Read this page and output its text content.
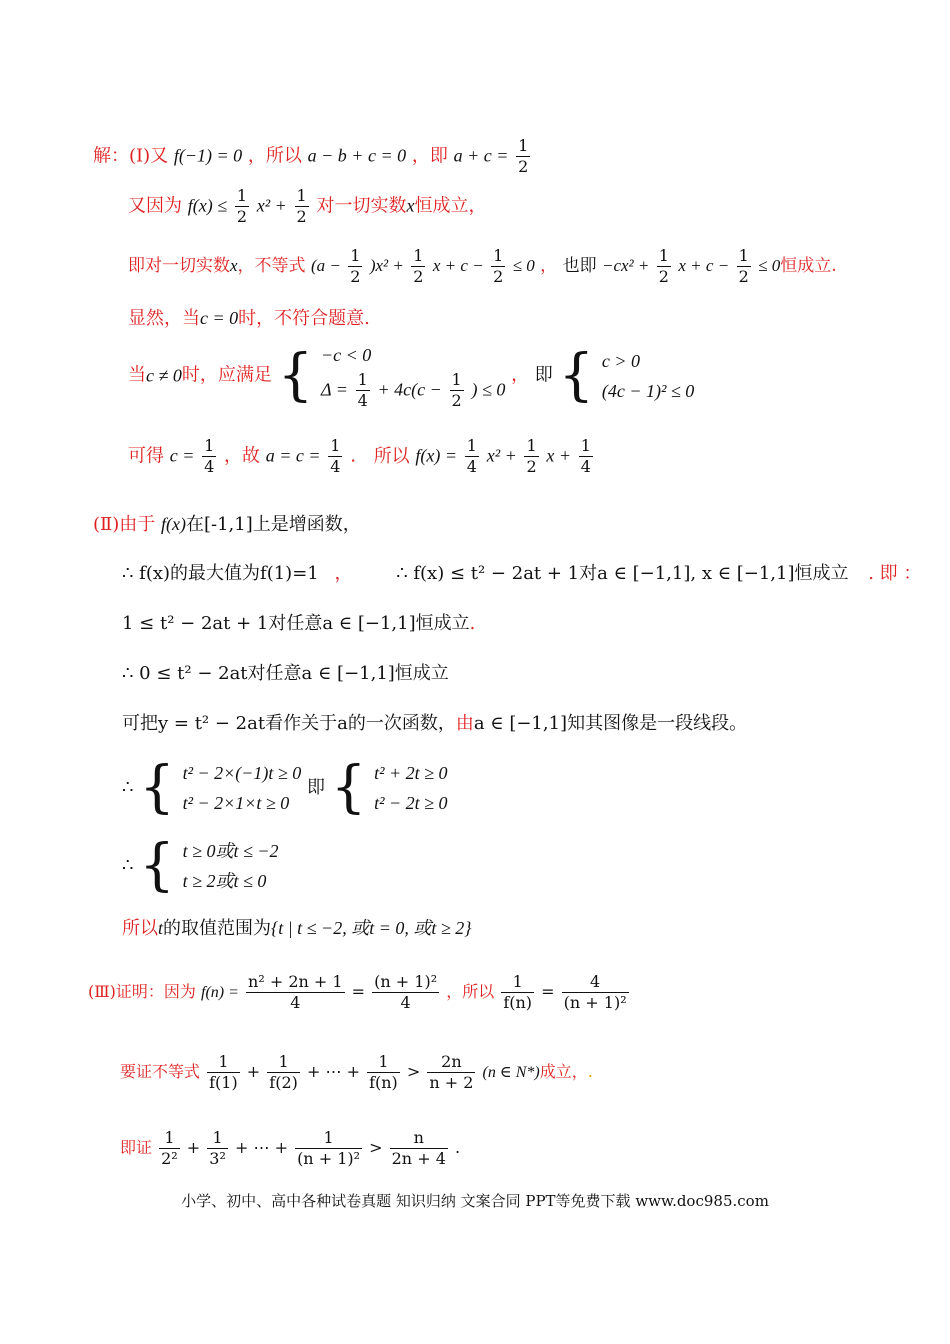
解：(Ⅰ)又 f(−1) = 0 ，所以 a − b + c = 0 ，即 $a + c = \frac{1}{2}$
又因为 $f(x) \le \frac{1}{2} x^2 + \frac{1}{2}$ 对一切实数x恒成立，
即对一切实数x，不等式 $(a - \frac{1}{2} )x^2 + \frac{1}{2}$ $x + c - \frac{1}{2} \le 0$ ， 也即 $-cx^2 + \frac{1}{2}$ $x + c - \frac{1}{2} \le 0$恒成立.
显然，当c = 0时，不符合题意.
当c ≠ 0时，应满足 { −c < 0
$\Delta = \frac{1}{4} + 4c(c - \frac{1}{2}$ ) ≤ 0
， 即 { c > 0
(4c − 1)² ≤ 0
可得 $c = \frac{1}{4}$ ，故 $a = c = \frac{1}{4}$ . 所以 $f(x) = \frac{1}{4} x^2 + \frac{1}{2}$ $x + \frac{1}{4}$
(Ⅱ)由于 f(x)在[-1,1]上是增函数，
∴ f(x)的最大值为f(1)=1 ， ∴ f(x) ≤ t² − 2at + 1对a ∈ [−1,1], x ∈ [−1,1]恒成立 . 即 ：
1 ≤ t² − 2at + 1对任意a ∈ [−1,1]恒成立.
∴ 0 ≤ t² − 2at对任意a ∈ [−1,1]恒成立
可把y = t² − 2at看作关于a的一次函数，由a ∈ [−1,1]知其图像是一段线段。
∴ { t² − 2×(−1)t ≥ 0
t² − 2×1×t ≥ 0
即 { t² + 2t ≥ 0
t² − 2t ≥ 0
∴ { t ≥ 0或t ≤ −2
t ≥ 2或t ≤ 0
所以t的取值范围为{t | t ≤ −2, 或t = 0, 或t ≥ 2}
(Ⅲ)证明：因为 $f(n) = \frac{\text{n² + 2n + 1}}{4} = \frac{\text{(n + 1)²}}{4}$ ，所以 $\frac{1}{f(n)} = \frac{4}{\text{(n + 1)²}}$
要证不等式 $\frac{1}{f(1)} + \frac{1}{f(2)}$ + ⋯ + $\frac{1}{f(n)} > \frac{2n}{n + 2} (n$ ∈ N*)成立，.
即证 $\frac{1}{\text{2²}} + \frac{1}{\text{3²}}$ + ⋯ + $\frac{1}{\text{(n + 1)²}} > \frac{n}{2n + 4}$ .
小学、初中、高中各种试卷真题 知识归纳 文案合同 PPT等免费下载 www.doc985.com
